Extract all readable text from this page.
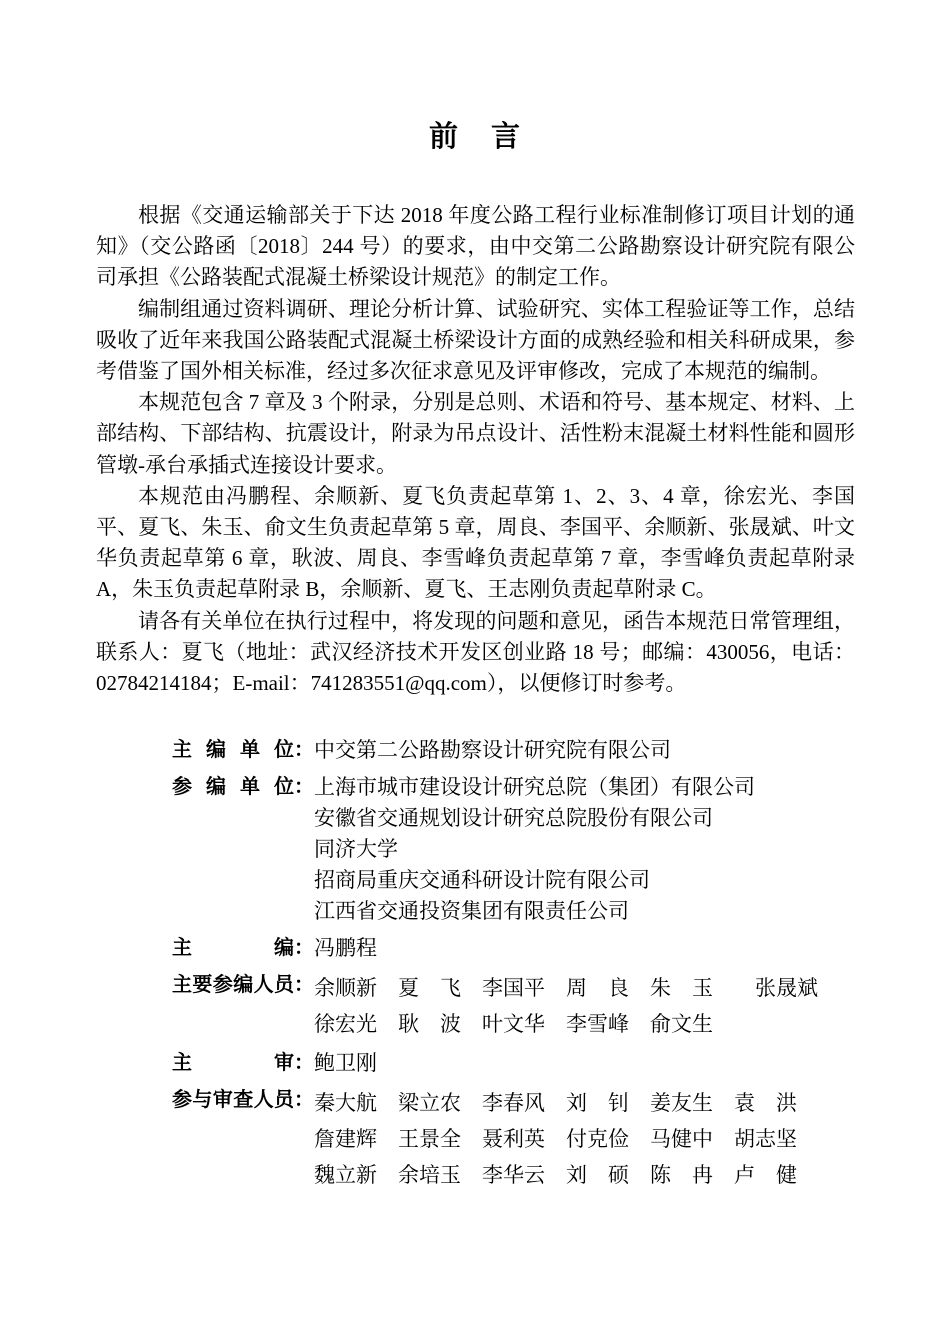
前　言

根据《交通运输部关于下达 2018 年度公路工程行业标准制修订项目计划的通知》（交公路函〔2018〕244 号）的要求，由中交第二公路勘察设计研究院有限公司承担《公路装配式混凝土桥梁设计规范》的制定工作。

编制组通过资料调研、理论分析计算、试验研究、实体工程验证等工作，总结吸收了近年来我国公路装配式混凝土桥梁设计方面的成熟经验和相关科研成果，参考借鉴了国外相关标准，经过多次征求意见及评审修改，完成了本规范的编制。

本规范包含 7 章及 3 个附录，分别是总则、术语和符号、基本规定、材料、上部结构、下部结构、抗震设计，附录为吊点设计、活性粉末混凝土材料性能和圆形管墩-承台承插式连接设计要求。

本规范由冯鹏程、余顺新、夏飞负责起草第 1、2、3、4 章，徐宏光、李国平、夏飞、朱玉、俞文生负责起草第 5 章，周良、李国平、余顺新、张晟斌、叶文华负责起草第 6 章，耿波、周良、李雪峰负责起草第 7 章，李雪峰负责起草附录 A，朱玉负责起草附录 B，余顺新、夏飞、王志刚负责起草附录 C。

请各有关单位在执行过程中，将发现的问题和意见，函告本规范日常管理组，联系人：夏飞（地址：武汉经济技术开发区创业路 18 号；邮编：430056，电话：02784214184；E-mail：741283551@qq.com），以便修订时参考。

主编单位 ： 中交第二公路勘察设计研究院有限公司
参编单位 ： 上海市城市建设设计研究总院（集团）有限公司
安徽省交通规划设计研究总院股份有限公司
同济大学
招商局重庆交通科研设计院有限公司
江西省交通投资集团有限责任公司
主编 ： 冯鹏程
主要参编人员 ： 余顺新　夏　飞　李国平　周　良　朱　玉　　张晟斌
徐宏光　耿　波　叶文华　李雪峰　俞文生
主审 ： 鲍卫刚
参与审查人员 ： 秦大航　梁立农　李春风　刘　钊　姜友生　袁　洪
詹建辉　王景全　聂利英　付克俭　马健中　胡志坚
魏立新　余培玉　李华云　刘　硕　陈　冉　卢　健
